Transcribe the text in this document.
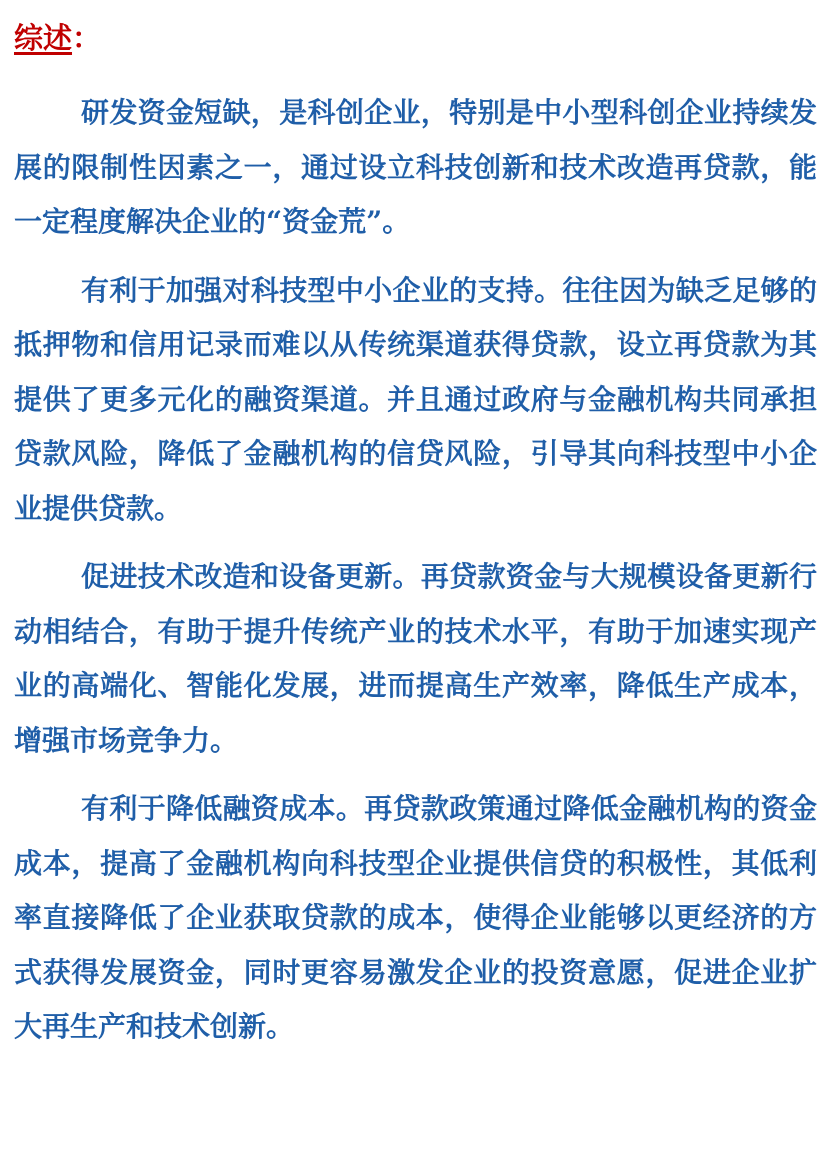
综述：

研发资金短缺，是科创企业，特别是中小型科创企业持续发展的限制性因素之一，通过设立科技创新和技术改造再贷款，能一定程度解决企业的“资金荒”。

有利于加强对科技型中小企业的支持。往往因为缺乏足够的抵押物和信用记录而难以从传统渠道获得贷款，设立再贷款为其提供了更多元化的融资渠道。并且通过政府与金融机构共同承担贷款风险，降低了金融机构的信贷风险，引导其向科技型中小企业提供贷款。

促进技术改造和设备更新。再贷款资金与大规模设备更新行动相结合，有助于提升传统产业的技术水平，有助于加速实现产业的高端化、智能化发展，进而提高生产效率，降低生产成本，增强市场竞争力。

有利于降低融资成本。再贷款政策通过降低金融机构的资金成本，提高了金融机构向科技型企业提供信贷的积极性，其低利率直接降低了企业获取贷款的成本，使得企业能够以更经济的方式获得发展资金，同时更容易激发企业的投资意愿，促进企业扩大再生产和技术创新。
